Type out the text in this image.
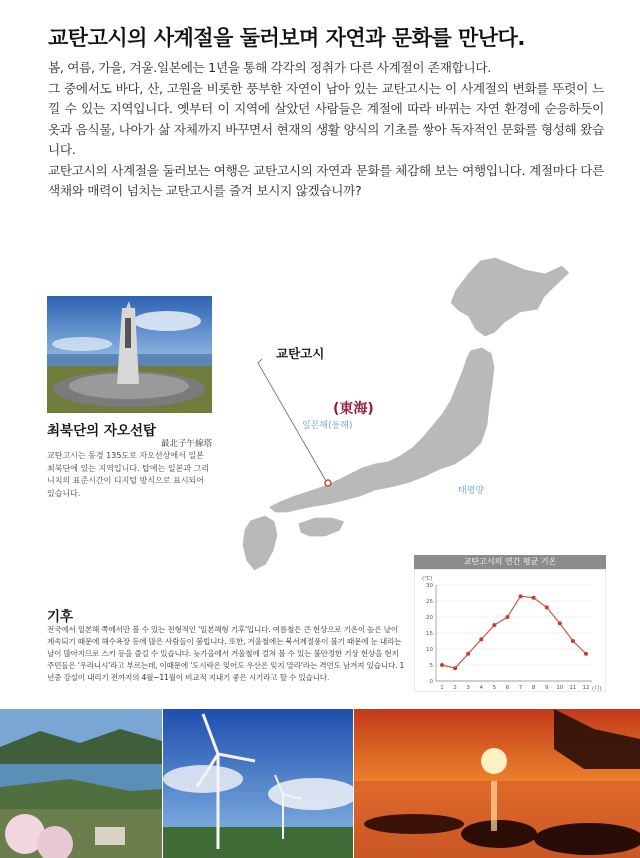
교탄고시의 사계절을 둘러보며 자연과 문화를 만난다.

봄, 여름, 가을, 겨울.일본에는 1년을 통해 각각의 정취가 다른 사계절이 존재합니다.

그 중에서도 바다, 산, 고원을 비롯한 풍부한 자연이 남아 있는 교탄고시는 이 사계절의 변화를 뚜렷이 느낄 수 있는 지역입니다. 옛부터 이 지역에 살았던 사람들은 계절에 따라 바뀌는 자연 환경에 순응하듯이 옷과 음식물, 나아가 삶 자체까지 바꾸면서 현재의 생활 양식의 기초를 쌓아 독자적인 문화를 형성해 왔습니다.

교탄고시의 사계절을 둘러보는 여행은 교탄고시의 자연과 문화를 체감해 보는 여행입니다. 계절마다 다른 색채와 매력이 넘치는 교탄고시를 즐겨 보시지 않겠습니까?

교탄고시
(東海)
일본해(동해)
태평양
최북단의 자오선탑
最北子午線塔
교탄고시는 동경 135도로 자오선상에서 일본 최북단에 있는 지역입니다. 탑에는 일본과 그리니치의 표준시간이 디지털 방식으로 표시되어 있습니다.
교탄고시의 연간 평균 기온
(℃)
(月)
0
5
10
15
20
25
30
1 2 3 4 5 6 7 8 9 10 11 12
기후
전국에서 일본해 쪽에서만 볼 수 있는 전형적인 '일본해형 기후'입니다. 여름철은 큰 현상으로 기온이 높은 날이 계속되기 때문에 해수욕장 등에 많은 사람들이 붐빕니다. 또한, 겨울철에는 북서계절풍이 불기 때문에 눈 내리는 날이 많아지므로 스키 등을 즐길 수 있습니다. 늦가을에서 겨울철에 걸쳐 볼 수 있는 불안정한 기상 현상을 현지 주민들은 '우라니시'라고 부르는데, 이때문에 '도시락은 잊어도 우산은 잊지 말라'라는 격언도 남겨져 있습니다. 1년중 강설이 내리기 전까지의 4월~11월이 비교적 지내기 좋은 시기라고 할 수 있습니다.
